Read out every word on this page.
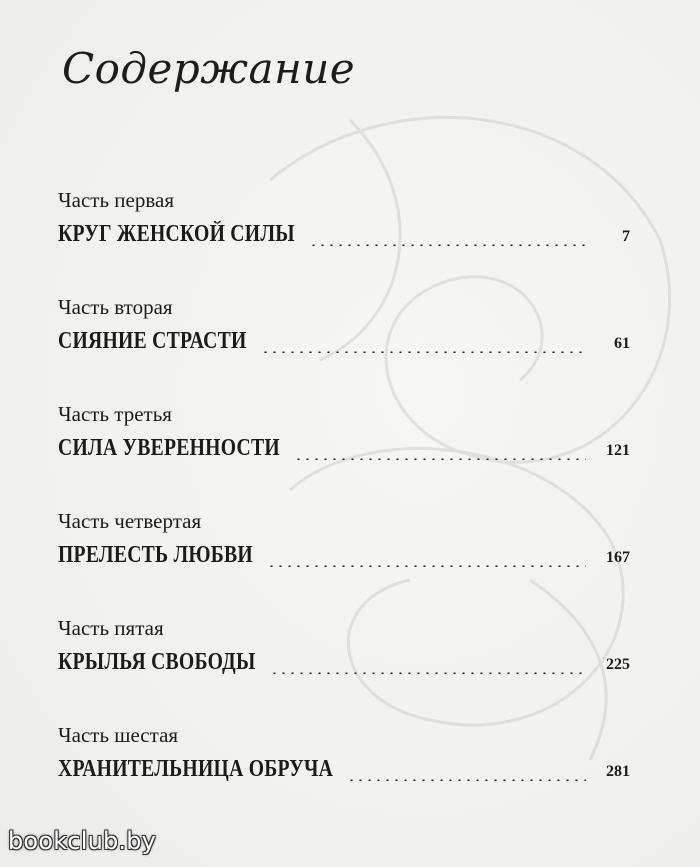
Содержание
Часть первая
КРУГ ЖЕНСКОЙ СИЛЫ	7
Часть вторая
СИЯНИЕ СТРАСТИ	61
Часть третья
СИЛА УВЕРЕННОСТИ	121
Часть четвертая
ПРЕЛЕСТЬ ЛЮБВИ	167
Часть пятая
КРЫЛЬЯ СВОБОДЫ	225
Часть шестая
ХРАНИТЕЛЬНИЦА ОБРУЧА	281
bookclub.by
